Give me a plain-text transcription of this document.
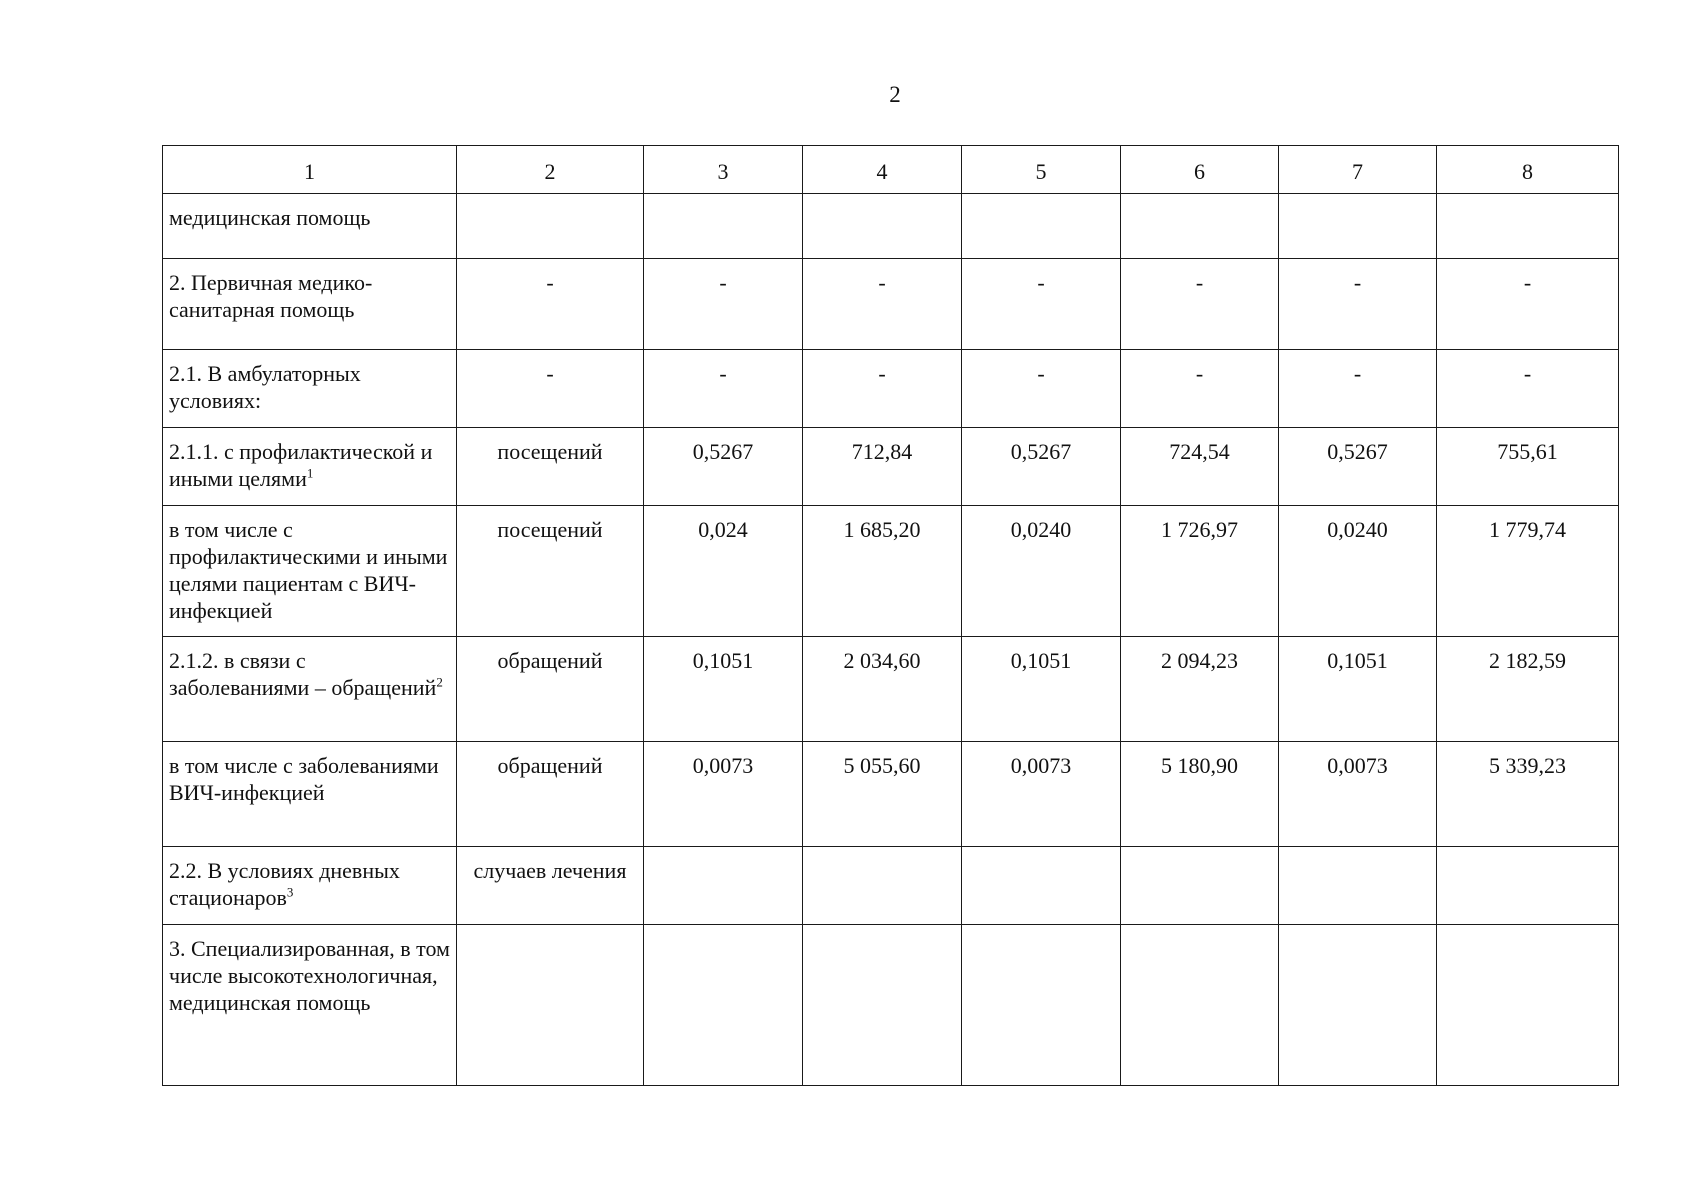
2
1	2	3	4	5	6	7	8
медицинская помощь							
2. Первичная медико-санитарная помощь	-	-	-	-	-	-	-
2.1. В амбулаторных условиях:	-	-	-	-	-	-	-
2.1.1. с профилактической и иными целями$^1$	посещений	0,5267	712,84	0,5267	724,54	0,5267	755,61
в том числе с профилактическими и иными целями пациентам с ВИЧ-инфекцией	посещений	0,024	1 685,20	0,0240	1 726,97	0,0240	1 779,74
2.1.2. в связи с заболеваниями – обращений$^2$	обращений	0,1051	2 034,60	0,1051	2 094,23	0,1051	2 182,59
в том числе с заболеваниями ВИЧ-инфекцией	обращений	0,0073	5 055,60	0,0073	5 180,90	0,0073	5 339,23
2.2. В условиях дневных стационаров$^3$	случаев лечения						
3. Специализированная, в том числе высокотехнологичная, медицинская помощь							
